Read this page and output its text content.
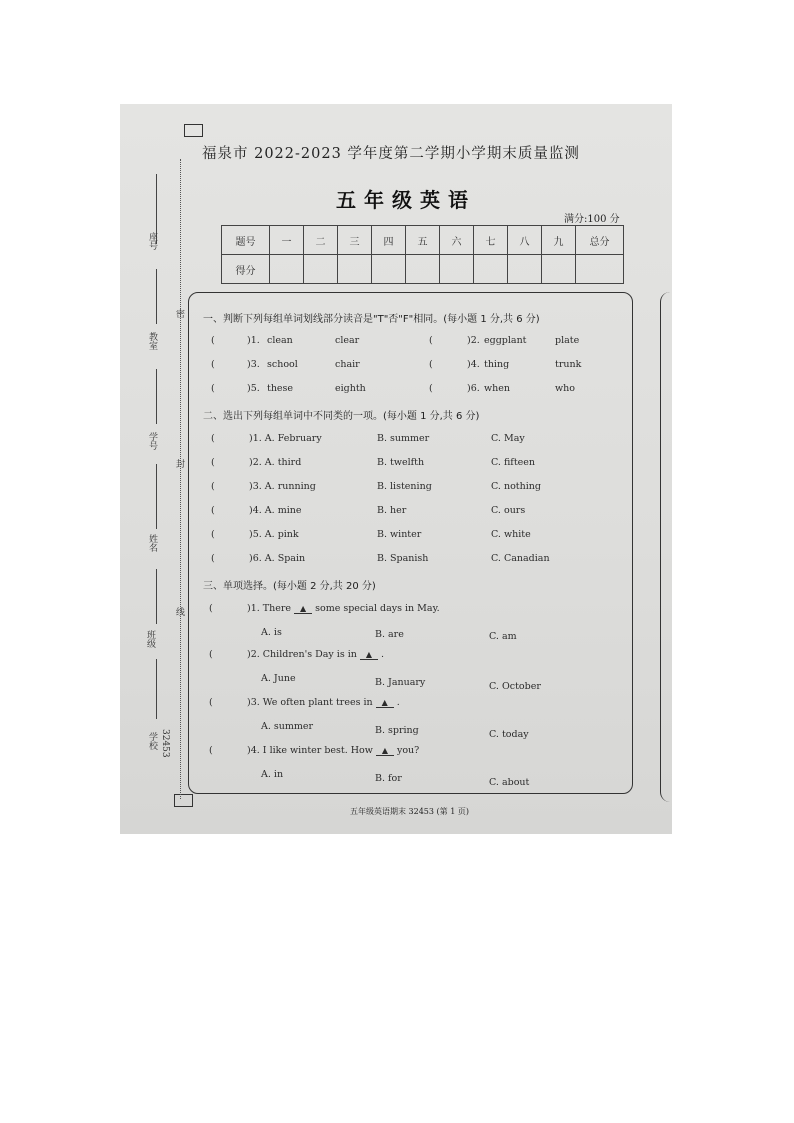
福泉市 2022-2023 学年度第二学期小学期末质量监测
五年级英语
满分:100 分
题号	一	二	三	四	五	六	七	八	九	总分
得分										
座号
教室
学号
姓名
班级
学校 32453
密
封
线
一、判断下列每组单词划线部分读音是"T"否"F"相同。(每小题 1 分,共 6 分)
(	)1. clean	clear	(	)2. eggplant	plate
(	)3. school	chair	(	)4. thing	trunk
(	)5. these	eighth	(	)6. when	who
二、选出下列每组单词中不同类的一项。(每小题 1 分,共 6 分)
(	)1. A. February	B. summer	C. May
(	)2. A. third	B. twelfth	C. fifteen
(	)3. A. running	B. listening	C. nothing
(	)4. A. mine	B. her	C. ours
(	)5. A. pink	B. winter	C. white
(	)6. A. Spain	B. Spanish	C. Canadian
三、单项选择。(每小题 2 分,共 20 分)
(	)1. There ▲ some special days in May.
A. is	B. are	C. am
(	)2. Children's Day is in ▲ .
A. June	B. January	C. October
(	)3. We often plant trees in ▲ .
A. summer	B. spring	C. today
(	)4. I like winter best. How ▲ you?
A. in	B. for	C. about
五年级英语期末 32453 (第 1 页)
